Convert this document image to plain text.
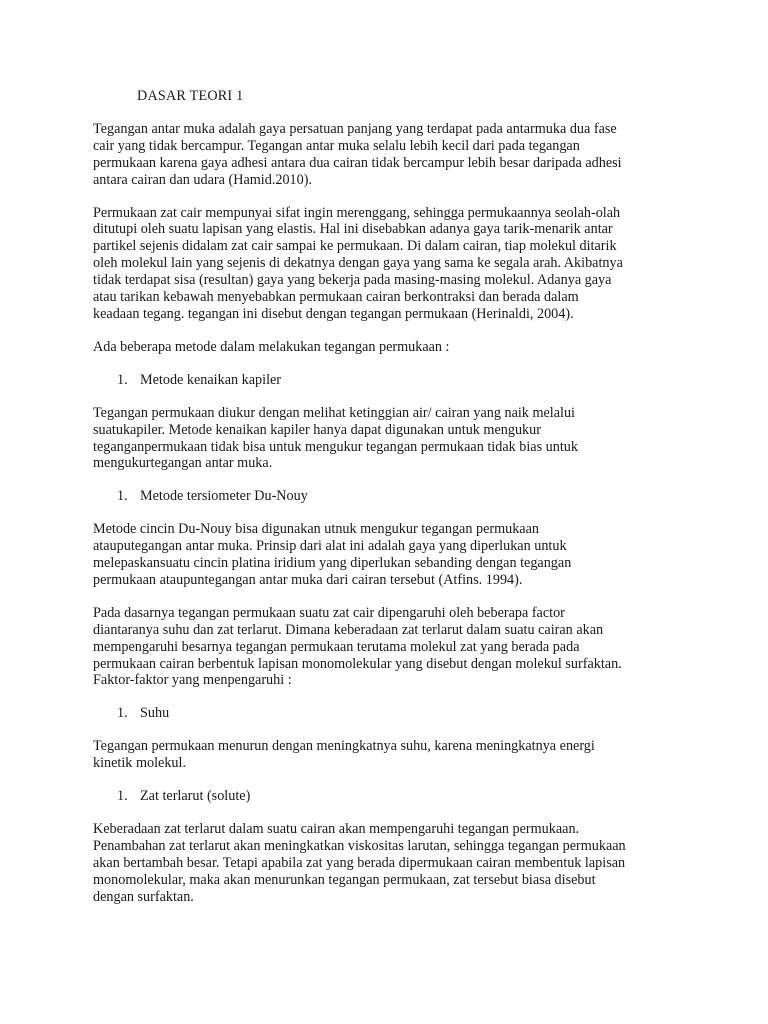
DASAR TEORI 1

Tegangan antar muka adalah gaya persatuan panjang yang terdapat pada antarmuka dua fase
cair yang tidak bercampur. Tegangan antar muka selalu lebih kecil dari pada tegangan
permukaan karena gaya adhesi antara dua cairan tidak bercampur lebih besar daripada adhesi
antara cairan dan udara (Hamid.2010).

Permukaan zat cair mempunyai sifat ingin merenggang, sehingga permukaannya seolah-olah
ditutupi oleh suatu lapisan yang elastis. Hal ini disebabkan adanya gaya tarik-menarik antar
partikel sejenis didalam zat cair sampai ke permukaan. Di dalam cairan, tiap molekul ditarik
oleh molekul lain yang sejenis di dekatnya dengan gaya yang sama ke segala arah. Akibatnya
tidak terdapat sisa (resultan) gaya yang bekerja pada masing-masing molekul. Adanya gaya
atau tarikan kebawah menyebabkan permukaan cairan berkontraksi dan berada dalam
keadaan tegang. tegangan ini disebut dengan tegangan permukaan (Herinaldi, 2004).

Ada beberapa metode dalam melakukan tegangan permukaan :

1. Metode kenaikan kapiler

Tegangan permukaan diukur dengan melihat ketinggian air/ cairan yang naik melalui
suatukapiler. Metode kenaikan kapiler hanya dapat digunakan untuk mengukur
teganganpermukaan tidak bisa untuk mengukur tegangan permukaan tidak bias untuk
mengukurtegangan antar muka.

1. Metode tersiometer Du-Nouy

Metode cincin Du-Nouy bisa digunakan utnuk mengukur tegangan permukaan
atauputegangan antar muka. Prinsip dari alat ini adalah gaya yang diperlukan untuk
melepaskansuatu cincin platina iridium yang diperlukan sebanding dengan tegangan
permukaan ataupuntegangan antar muka dari cairan tersebut (Atfins. 1994).

Pada dasarnya tegangan permukaan suatu zat cair dipengaruhi oleh beberapa factor
diantaranya suhu dan zat terlarut. Dimana keberadaan zat terlarut dalam suatu cairan akan
mempengaruhi besarnya tegangan permukaan terutama molekul zat yang berada pada
permukaan cairan berbentuk lapisan monomolekular yang disebut dengan molekul surfaktan.
Faktor-faktor yang menpengaruhi :

1. Suhu

Tegangan permukaan menurun dengan meningkatnya suhu, karena meningkatnya energi
kinetik molekul.

1. Zat terlarut (solute)

Keberadaan zat terlarut dalam suatu cairan akan mempengaruhi tegangan permukaan.
Penambahan zat terlarut akan meningkatkan viskositas larutan, sehingga tegangan permukaan
akan bertambah besar. Tetapi apabila zat yang berada dipermukaan cairan membentuk lapisan
monomolekular, maka akan menurunkan tegangan permukaan, zat tersebut biasa disebut
dengan surfaktan.
